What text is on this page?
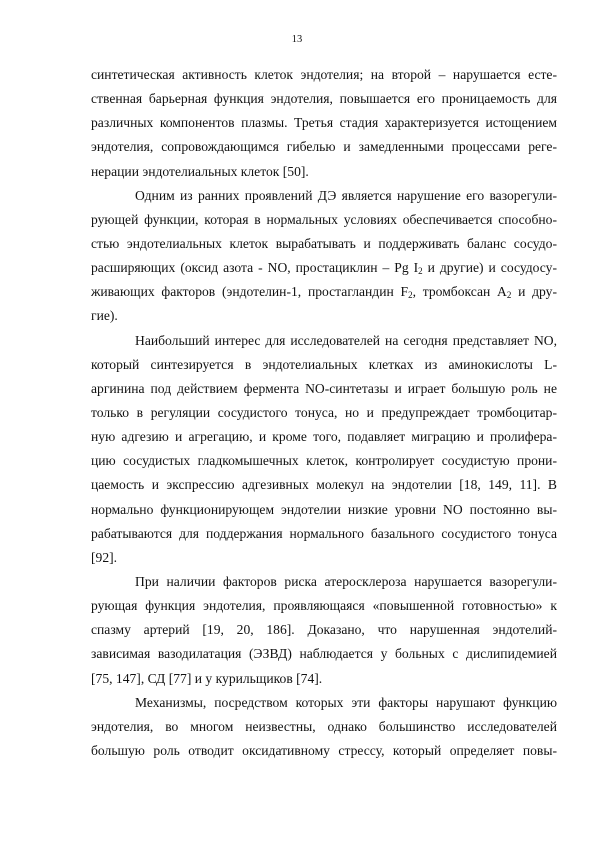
13
синтетическая активность клеток эндотелия; на второй – нарушается есте-
ственная барьерная функция эндотелия, повышается его проницаемость для
различных компонентов плазмы. Третья стадия характеризуется истощением
эндотелия, сопровождающимся гибелью и замедленными процессами реге-
нерации эндотелиальных клеток [50].
Одним из ранних проявлений ДЭ является нарушение его вазорегули-
рующей функции, которая в нормальных условиях обеспечивается способно-
стью эндотелиальных клеток вырабатывать и поддерживать баланс сосудо-
расширяющих (оксид азота - NO, простациклин – Pg $I_2$ и другие) и сосудосу-
живающих факторов (эндотелин-1, простагландин $F_2$, тромбоксан $A_2$ и дру-
гие).
Наибольший интерес для исследователей на сегодня представляет NO,
который синтезируется в эндотелиальных клетках из аминокислоты L-
аргинина под действием фермента NO-синтетазы и играет большую роль не
только в регуляции сосудистого тонуса, но и предупреждает тромбоцитар-
ную адгезию и агрегацию, и кроме того, подавляет миграцию и пролифера-
цию сосудистых гладкомышечных клеток, контролирует сосудистую прони-
цаемость и экспрессию адгезивных молекул на эндотелии [18, 149, 11]. В
нормально функционирующем эндотелии низкие уровни NO постоянно вы-
рабатываются для поддержания нормального базального сосудистого тонуса
[92].
При наличии факторов риска атеросклероза нарушается вазорегули-
рующая функция эндотелия, проявляющаяся «повышенной готовностью» к
спазму артерий [19, 20, 186]. Доказано, что нарушенная эндотелий-
зависимая вазодилатация (ЭЗВД) наблюдается у больных с дислипидемией
[75, 147], СД [77] и у курильщиков [74].
Механизмы, посредством которых эти факторы нарушают функцию
эндотелия, во многом неизвестны, однако большинство исследователей
большую роль отводит оксидативному стрессу, который определяет повы-
